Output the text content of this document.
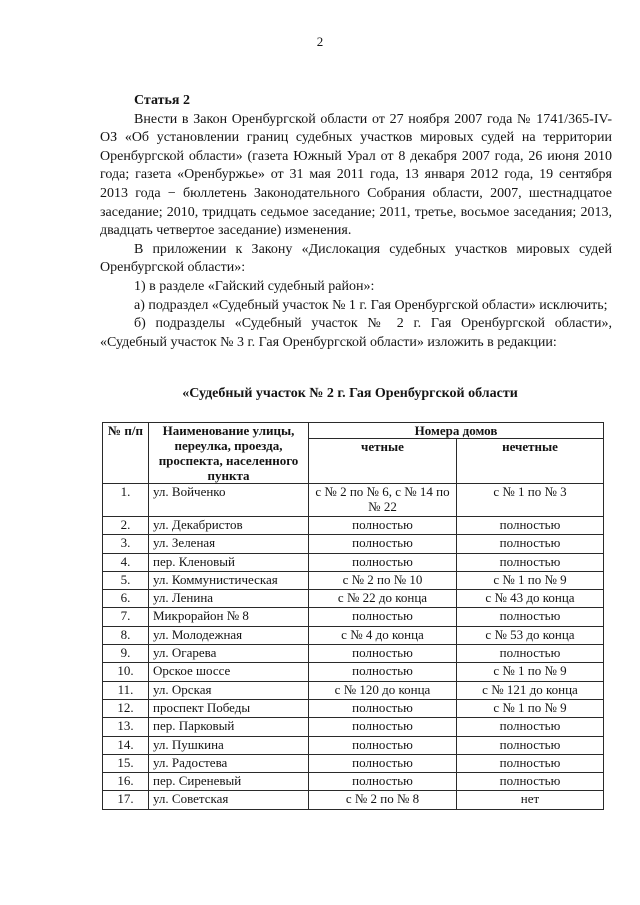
2

Статья 2

Внести в Закон Оренбургской области от 27 ноября 2007 года № 1741/365-IV-ОЗ «Об установлении границ судебных участков мировых судей на территории Оренбургской области» (газета Южный Урал от 8 декабря 2007 года, 26 июня 2010 года; газета «Оренбуржье» от 31 мая 2011 года, 13 января 2012 года, 19 сентября 2013 года − бюллетень Законодательного Собрания области, 2007, шестнадцатое заседание; 2010, тридцать седьмое заседание; 2011, третье, восьмое заседания; 2013, двадцать четвертое заседание) изменения.

В приложении к Закону «Дислокация судебных участков мировых судей Оренбургской области»:

1) в разделе «Гайский судебный район»:

а) подраздел «Судебный участок № 1 г. Гая Оренбургской области» исключить;

б) подразделы «Судебный участок № 2 г. Гая Оренбургской области», «Судебный участок № 3 г. Гая Оренбургской области» изложить в редакции:

«Судебный участок № 2 г. Гая Оренбургской области
№ п/п	Наименование улицы, переулка, проезда, проспекта, населенного пункта	Номера домов	
		четные	нечетные
1.	ул. Войченко	с № 2 по № 6, с № 14 по № 22	с № 1 по № 3
2.	ул. Декабристов	полностью	полностью
3.	ул. Зеленая	полностью	полностью
4.	пер. Кленовый	полностью	полностью
5.	ул. Коммунистическая	с № 2 по № 10	с № 1 по № 9
6.	ул. Ленина	с № 22 до конца	с № 43 до конца
7.	Микрорайон № 8	полностью	полностью
8.	ул. Молодежная	с № 4 до конца	с № 53 до конца
9.	ул. Огарева	полностью	полностью
10.	Орское шоссе	полностью	с № 1 по № 9
11.	ул. Орская	с № 120 до конца	с № 121 до конца
12.	проспект Победы	полностью	с № 1 по № 9
13.	пер. Парковый	полностью	полностью
14.	ул. Пушкина	полностью	полностью
15.	ул. Радостева	полностью	полностью
16.	пер. Сиреневый	полностью	полностью
17.	ул. Советская	с № 2 по № 8	нет
